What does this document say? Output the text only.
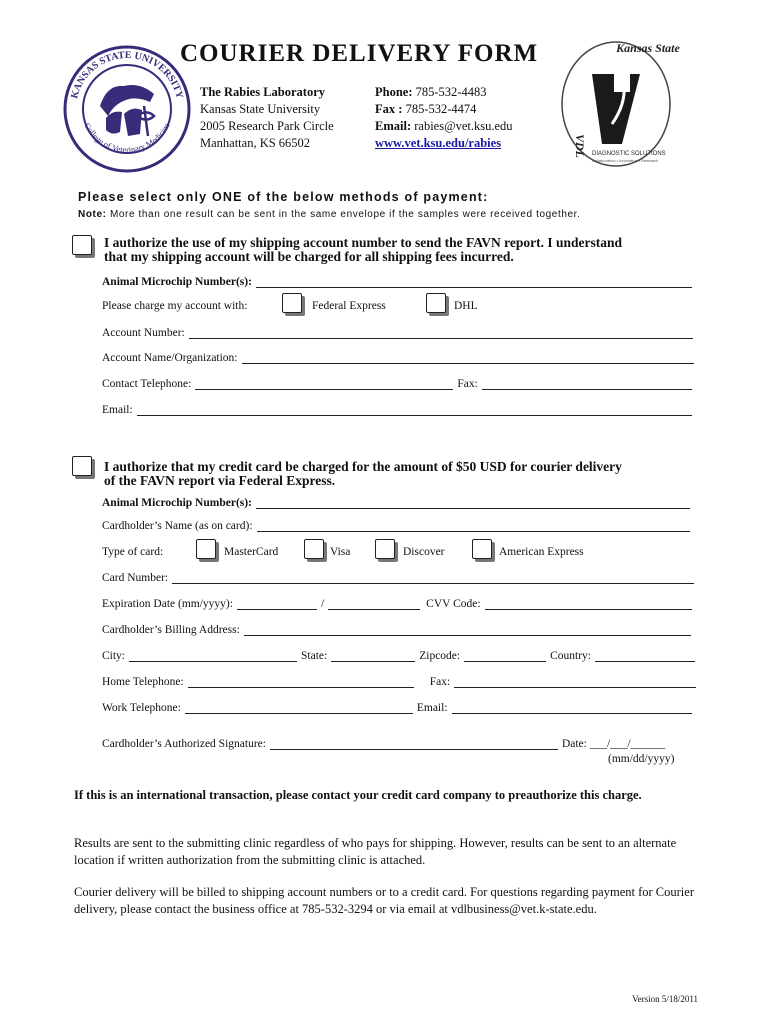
KANSAS STATE UNIVERSITY
College of Veterinary Medicine
COURIER DELIVERY FORM
The Rabies Laboratory
Kansas State University
2005 Research Park Circle
Manhattan, KS 66502
Phone: 785-532-4483
Fax : 785-532-4474
Email: rabies@vet.ksu.edu
www.vet.ksu.edu/rabies
Kansas State
VDL DIAGNOSTIC SOLUTIONS
Collaboration • Innovation • Research
Please select only ONE of the below methods of payment:
Note: More than one result can be sent in the same envelope if the samples were received together.
I authorize the use of my shipping account number to send the FAVN report. I understand
that my shipping account will be charged for all shipping fees incurred.
Animal Microchip Number(s):
Please charge my account with:	Federal Express	DHL
Account Number:
Account Name/Organization:
Contact Telephone:	Fax:
Email:
I authorize that my credit card be charged for the amount of $50 USD for courier delivery
of the FAVN report via Federal Express.
Animal Microchip Number(s):
Cardholder’s Name (as on card):
Type of card:	MasterCard	Visa	Discover	American Express
Card Number:
Expiration Date (mm/yyyy):	/	CVV Code:
Cardholder’s Billing Address:
City:	State:	Zipcode:	Country:
Home Telephone:	Fax:
Work Telephone:	Email:
Cardholder’s Authorized Signature:	Date: ___/___/______
(mm/dd/yyyy)
If this is an international transaction, please contact your credit card company to preauthorize this charge.
Results are sent to the submitting clinic regardless of who pays for shipping. However, results can be sent to an alternate location if written authorization from the submitting clinic is attached.
Courier delivery will be billed to shipping account numbers or to a credit card. For questions regarding payment for Courier delivery, please contact the business office at 785-532-3294 or via email at vdlbusiness@vet.k-state.edu.
Version 5/18/2011
